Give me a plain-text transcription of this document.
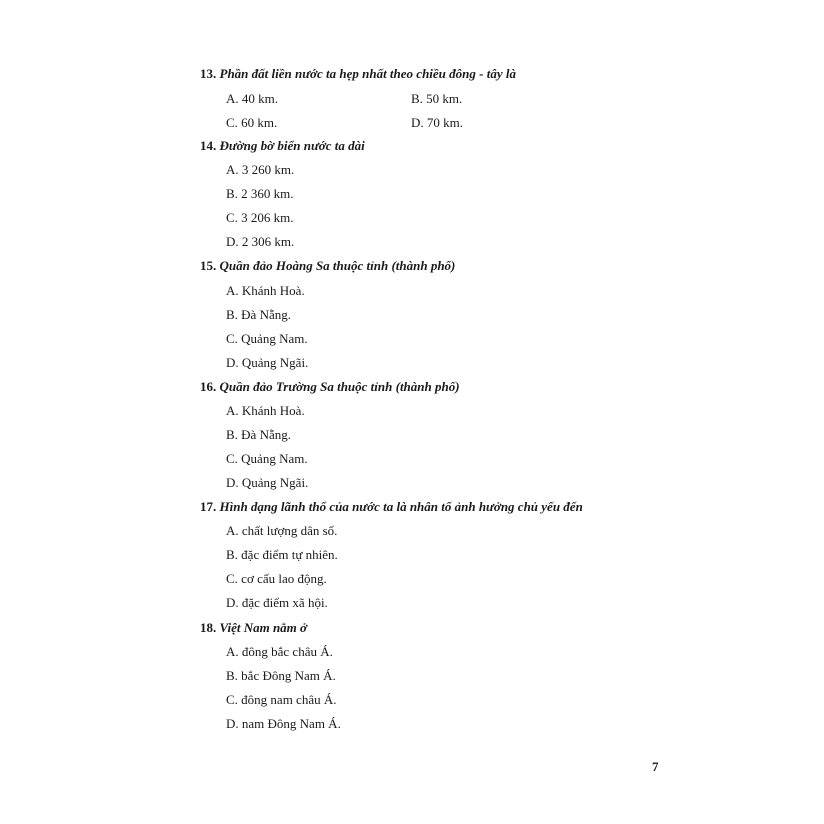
13. Phần đất liền nước ta hẹp nhất theo chiều đông - tây là
A. 40 km.	B. 50 km.
C. 60 km.	D. 70 km.
14. Đường bờ biển nước ta dài
A. 3 260 km.
B. 2 360 km.
C. 3 206 km.
D. 2 306 km.
15. Quần đảo Hoàng Sa thuộc tỉnh (thành phố)
A. Khánh Hoà.
B. Đà Nẵng.
C. Quảng Nam.
D. Quảng Ngãi.
16. Quần đảo Trường Sa thuộc tỉnh (thành phố)
A. Khánh Hoà.
B. Đà Nẵng.
C. Quảng Nam.
D. Quảng Ngãi.
17. Hình dạng lãnh thổ của nước ta là nhân tố ảnh hưởng chủ yếu đến
A. chất lượng dân số.
B. đặc điểm tự nhiên.
C. cơ cấu lao động.
D. đặc điểm xã hội.
18. Việt Nam nằm ở
A. đông bắc châu Á.
B. bắc Đông Nam Á.
C. đông nam châu Á.
D. nam Đông Nam Á.
7
